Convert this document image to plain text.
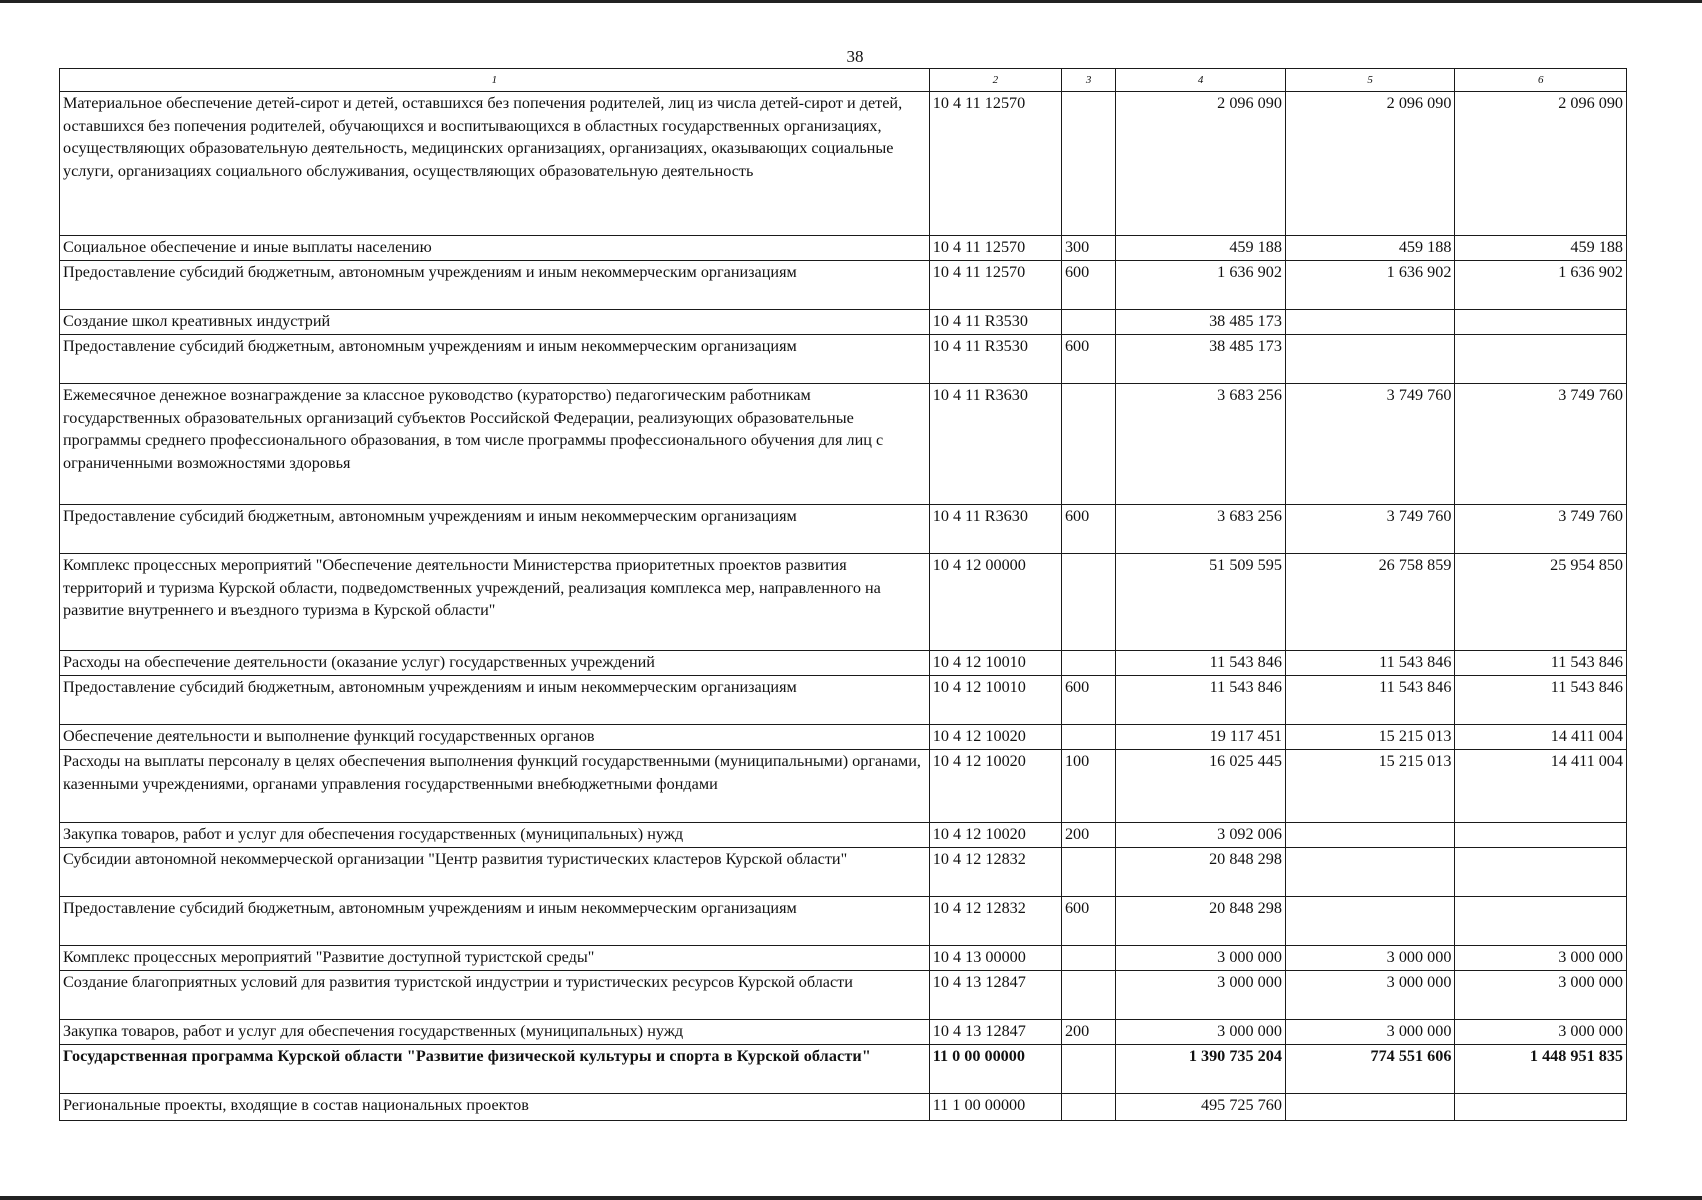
38
1	2	3	4	5	6
Материальное обеспечение детей-сирот и детей, оставшихся без попечения родителей, лиц из числа детей-сирот и детей, оставшихся без попечения родителей, обучающихся и воспитывающихся в областных государственных организациях, осуществляющих образовательную деятельность, медицинских организациях, организациях, оказывающих социальные услуги, организациях социального обслуживания, осуществляющих образовательную деятельность	10 4 11 12570		2 096 090	2 096 090	2 096 090
Социальное обеспечение и иные выплаты населению	10 4 11 12570	300	459 188	459 188	459 188
Предоставление субсидий бюджетным, автономным учреждениям и иным некоммерческим организациям	10 4 11 12570	600	1 636 902	1 636 902	1 636 902
Создание школ креативных индустрий	10 4 11 R3530		38 485 173		
Предоставление субсидий бюджетным, автономным учреждениям и иным некоммерческим организациям	10 4 11 R3530	600	38 485 173		
Ежемесячное денежное вознаграждение за классное руководство (кураторство) педагогическим работникам государственных образовательных организаций субъектов Российской Федерации, реализующих образовательные программы среднего профессионального образования, в том числе программы профессионального обучения для лиц с ограниченными возможностями здоровья	10 4 11 R3630		3 683 256	3 749 760	3 749 760
Предоставление субсидий бюджетным, автономным учреждениям и иным некоммерческим организациям	10 4 11 R3630	600	3 683 256	3 749 760	3 749 760
Комплекс процессных мероприятий "Обеспечение деятельности Министерства приоритетных проектов развития территорий и туризма Курской области, подведомственных учреждений, реализация комплекса мер, направленного на развитие внутреннего и въездного туризма в Курской области"	10 4 12 00000		51 509 595	26 758 859	25 954 850
Расходы на обеспечение деятельности (оказание услуг) государственных учреждений	10 4 12 10010		11 543 846	11 543 846	11 543 846
Предоставление субсидий бюджетным, автономным учреждениям и иным некоммерческим организациям	10 4 12 10010	600	11 543 846	11 543 846	11 543 846
Обеспечение деятельности и выполнение функций государственных органов	10 4 12 10020		19 117 451	15 215 013	14 411 004
Расходы на выплаты персоналу в целях обеспечения выполнения функций государственными (муниципальными) органами, казенными учреждениями, органами управления государственными внебюджетными фондами	10 4 12 10020	100	16 025 445	15 215 013	14 411 004
Закупка товаров, работ и услуг для обеспечения государственных (муниципальных) нужд	10 4 12 10020	200	3 092 006		
Субсидии автономной некоммерческой организации "Центр развития туристических кластеров Курской области"	10 4 12 12832		20 848 298		
Предоставление субсидий бюджетным, автономным учреждениям и иным некоммерческим организациям	10 4 12 12832	600	20 848 298		
Комплекс процессных мероприятий "Развитие доступной туристской среды"	10 4 13 00000		3 000 000	3 000 000	3 000 000
Создание благоприятных условий для развития туристской индустрии и туристических ресурсов Курской области	10 4 13 12847		3 000 000	3 000 000	3 000 000
Закупка товаров, работ и услуг для обеспечения государственных (муниципальных) нужд	10 4 13 12847	200	3 000 000	3 000 000	3 000 000
Государственная программа Курской области "Развитие физической культуры и спорта в Курской области"	11 0 00 00000		1 390 735 204	774 551 606	1 448 951 835
Региональные проекты, входящие в состав национальных проектов	11 1 00 00000		495 725 760		
